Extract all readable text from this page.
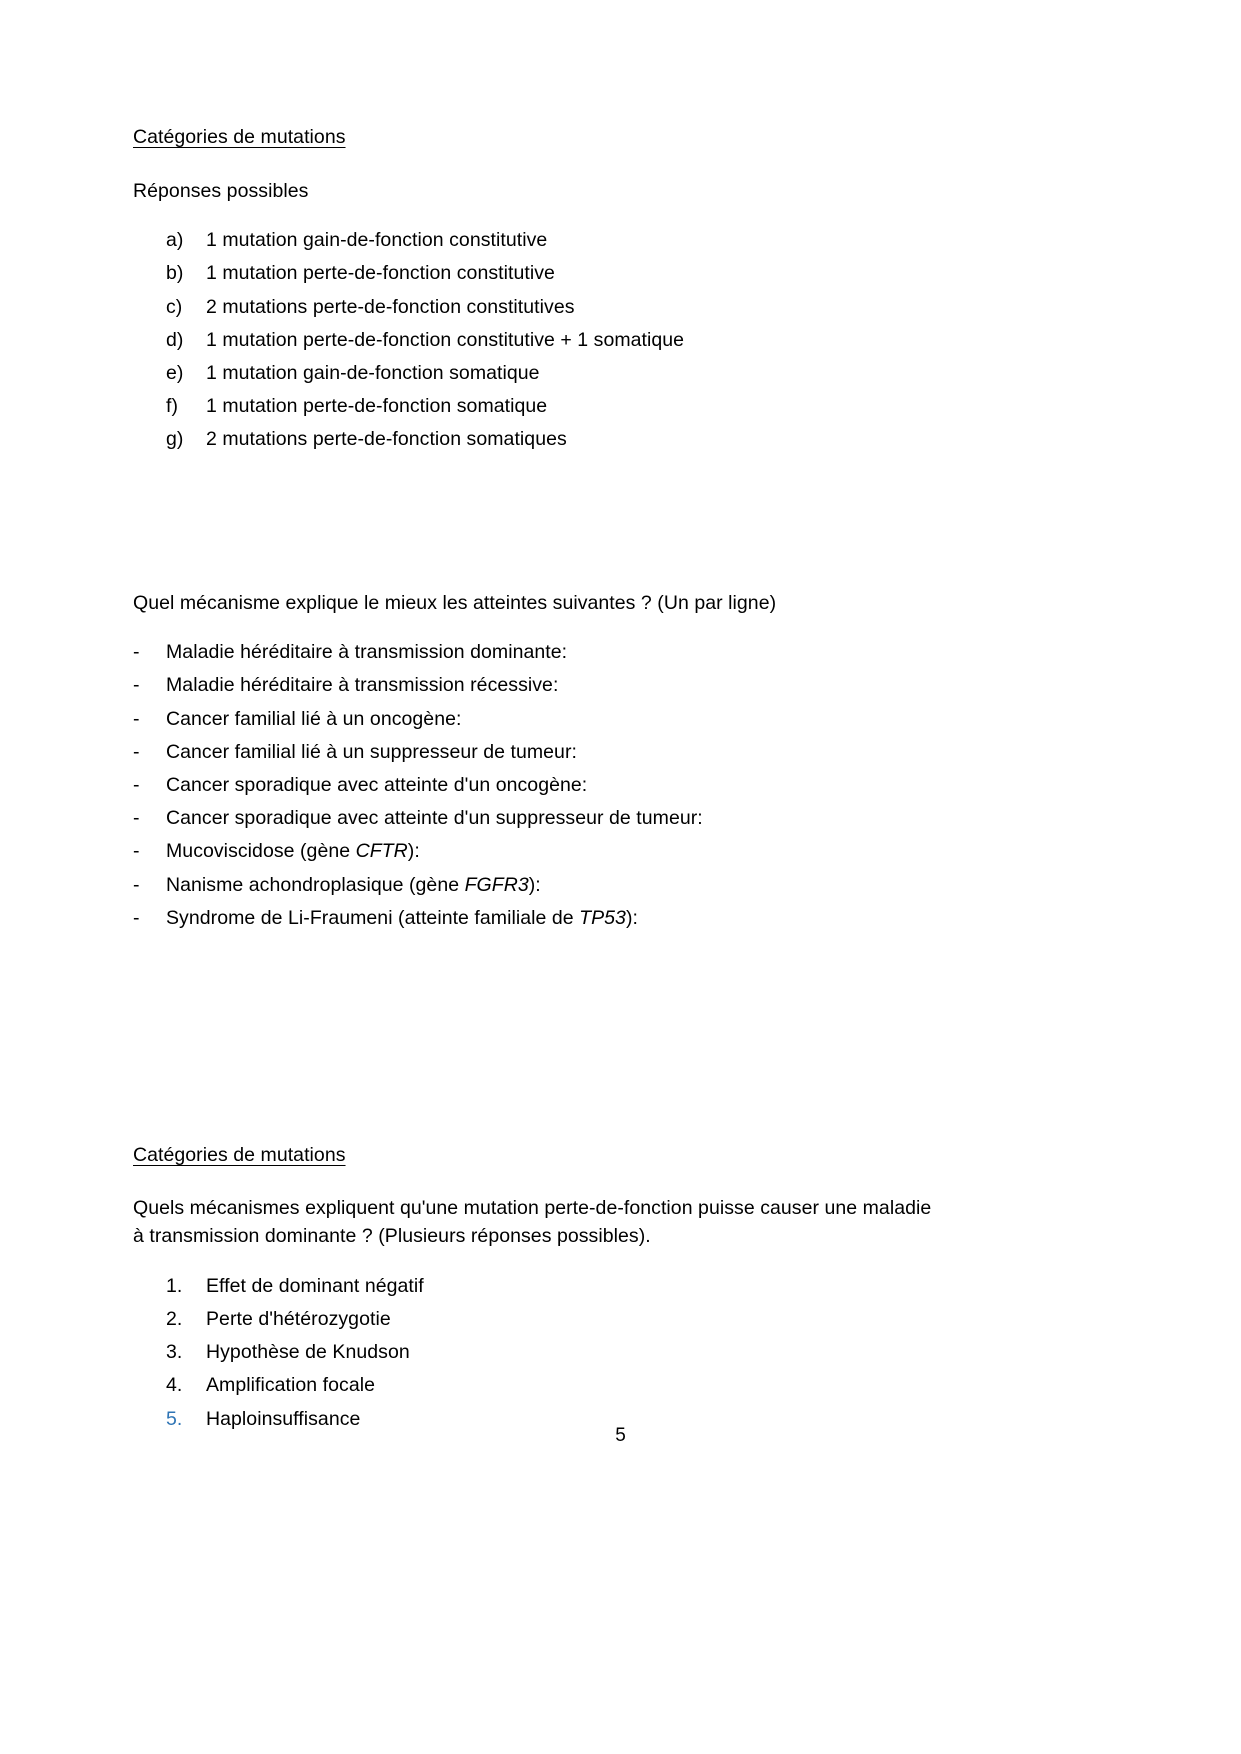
Catégories de mutations
Réponses possibles
a)	1 mutation gain-de-fonction constitutive
b)	1 mutation perte-de-fonction constitutive
c)	2 mutations perte-de-fonction constitutives
d)	1 mutation perte-de-fonction constitutive + 1 somatique
e)	1 mutation gain-de-fonction somatique
f)	1 mutation perte-de-fonction somatique
g)	2 mutations perte-de-fonction somatiques
Quel mécanisme explique le mieux les atteintes suivantes ? (Un par ligne)
-	Maladie héréditaire à transmission dominante:
-	Maladie héréditaire à transmission récessive:
-	Cancer familial lié à un oncogène:
-	Cancer familial lié à un suppresseur de tumeur:
-	Cancer sporadique avec atteinte d'un oncogène:
-	Cancer sporadique avec atteinte d'un suppresseur de tumeur:
-	Mucoviscidose (gène CFTR):
-	Nanisme achondroplasique (gène FGFR3):
-	Syndrome de Li-Fraumeni (atteinte familiale de TP53):
Catégories de mutations
Quels mécanismes expliquent qu'une mutation perte-de-fonction puisse causer une maladie à transmission dominante ? (Plusieurs réponses possibles).
1.	Effet de dominant négatif
2.	Perte d'hétérozygotie
3.	Hypothèse de Knudson
4.	Amplification focale
5.	Haploinsuffisance
5
